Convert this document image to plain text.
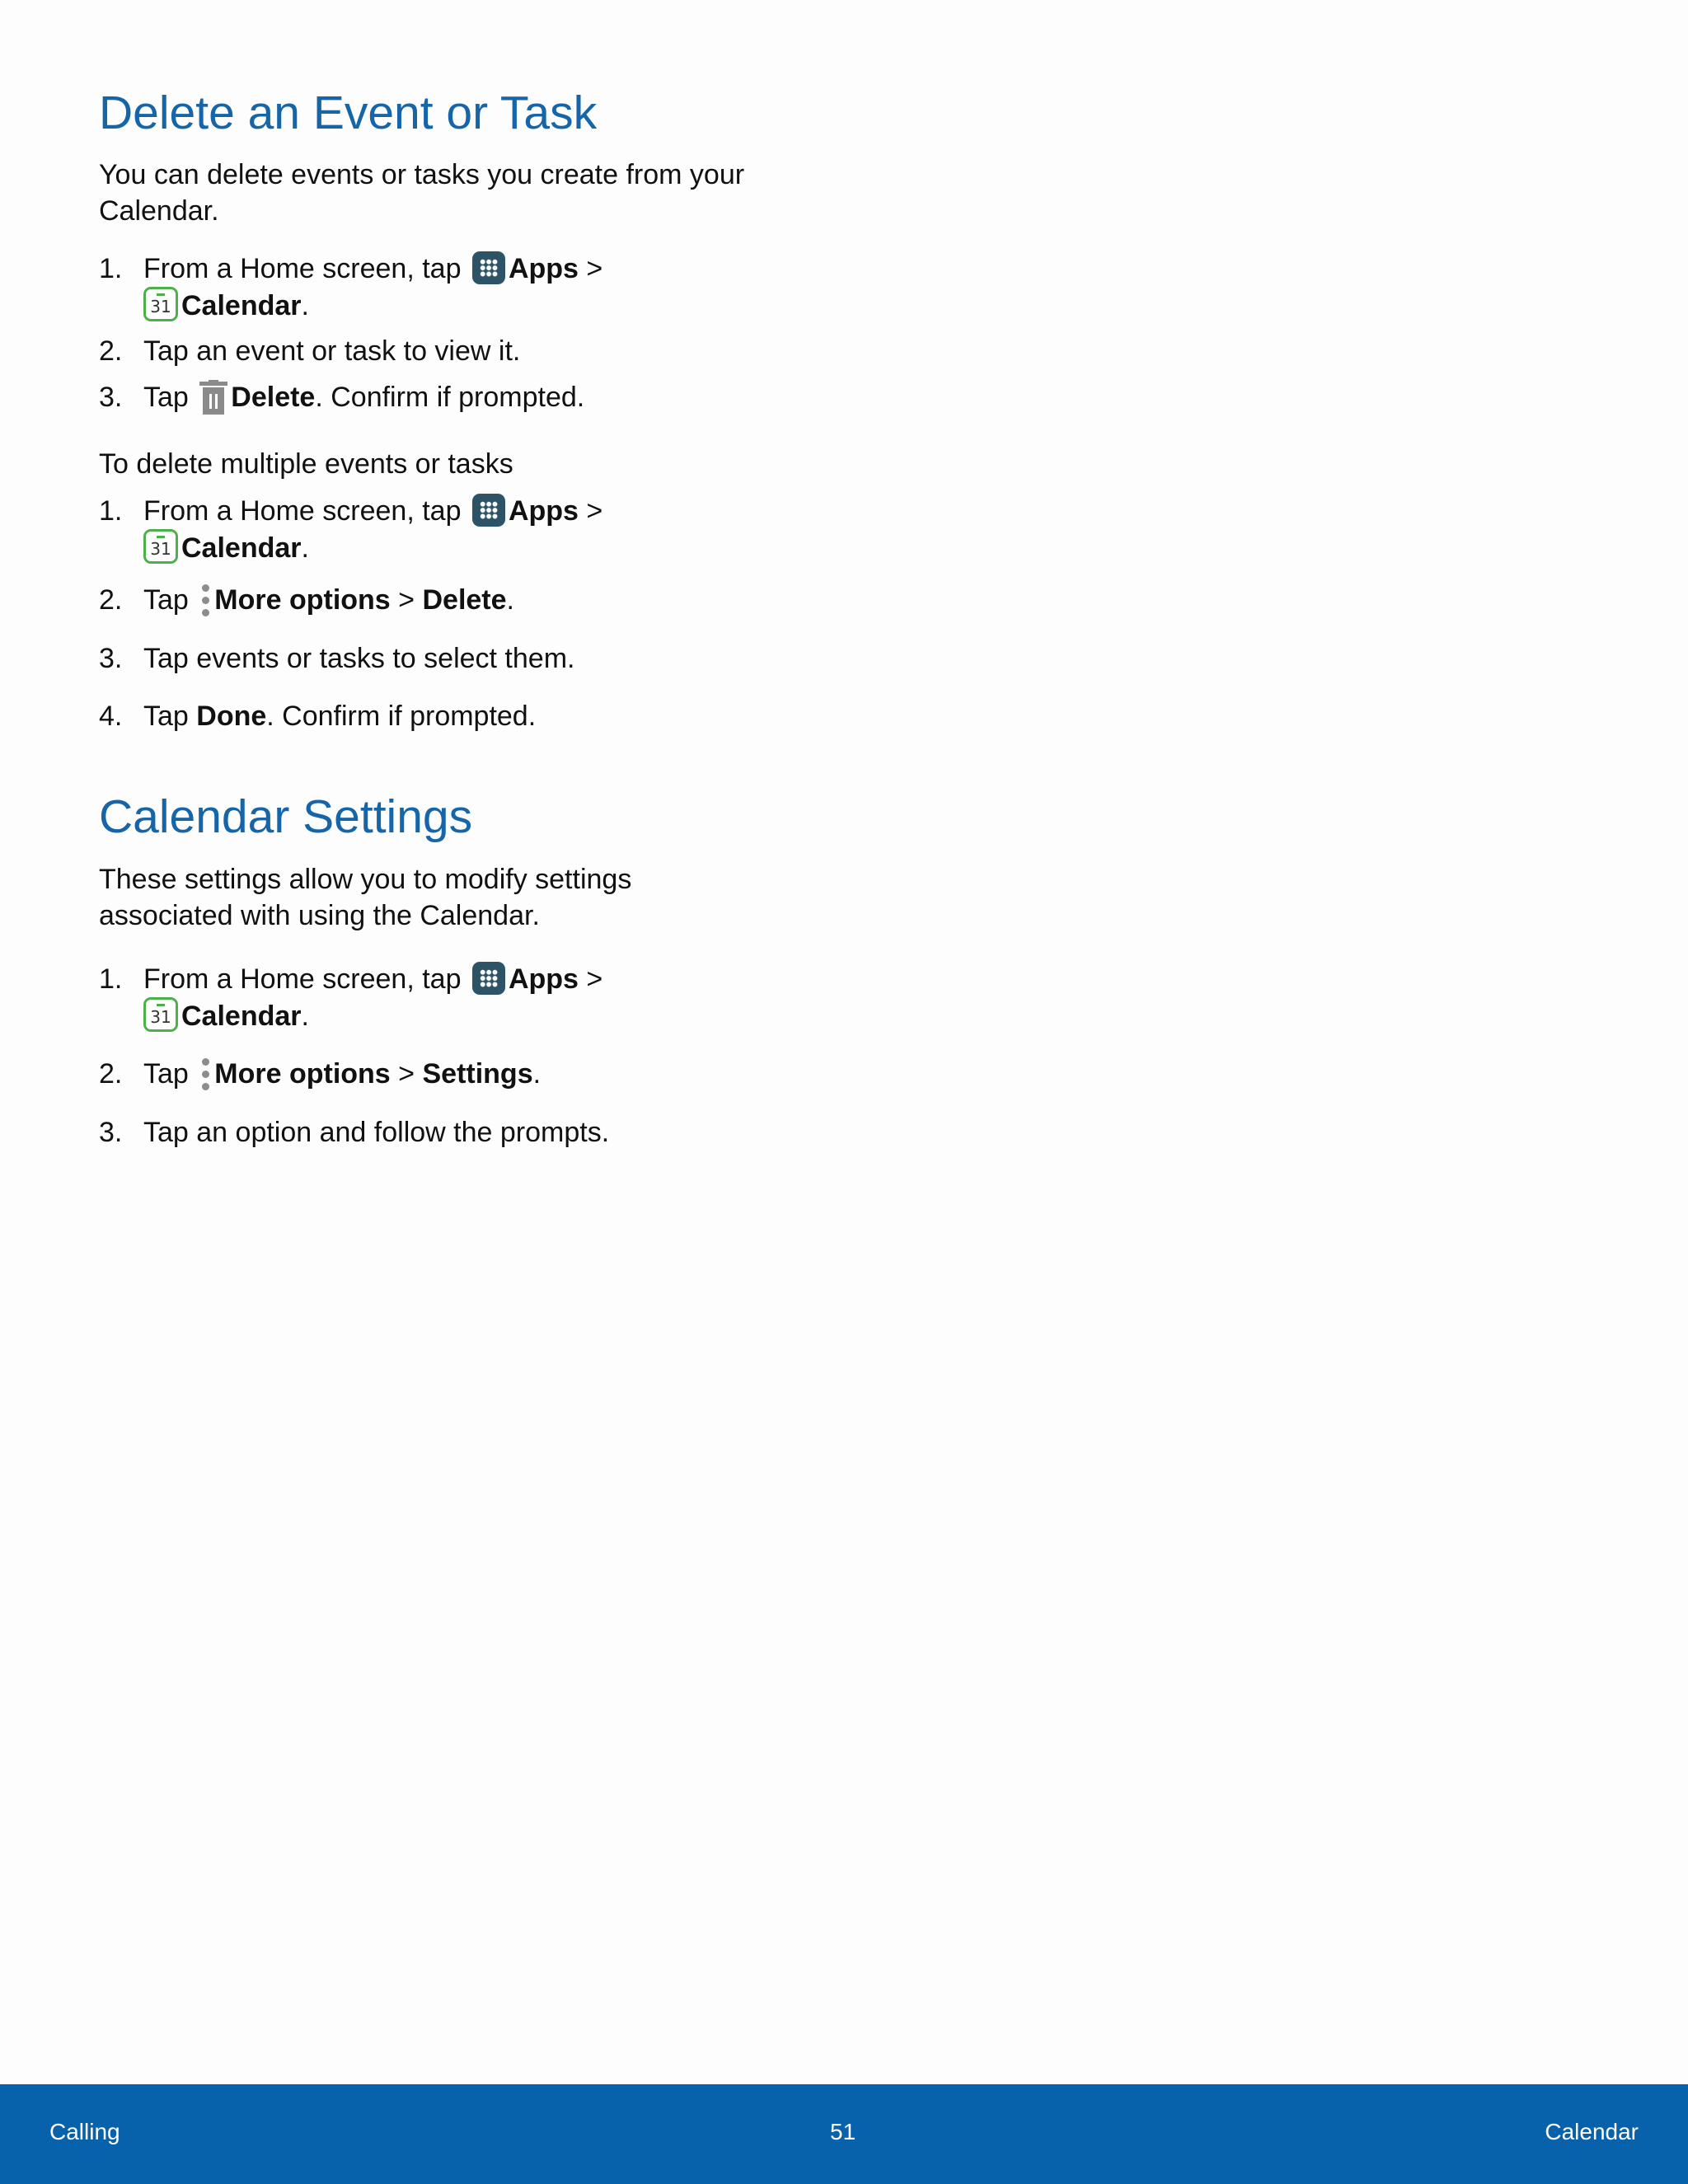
Delete an Event or Task

You can delete events or tasks you create from your Calendar.

1. From a Home screen, tap Apps >
31 Calendar.
2. Tap an event or task to view it.
3. Tap Delete. Confirm if prompted.

To delete multiple events or tasks

1. From a Home screen, tap Apps >
31 Calendar.
2. Tap More options > Delete.
3. Tap events or tasks to select them.
4. Tap Done. Confirm if prompted.
Calendar Settings

These settings allow you to modify settings associated with using the Calendar.

1. From a Home screen, tap Apps >
31 Calendar.
2. Tap More options > Settings.
3. Tap an option and follow the prompts.
Calling	51	Calendar
